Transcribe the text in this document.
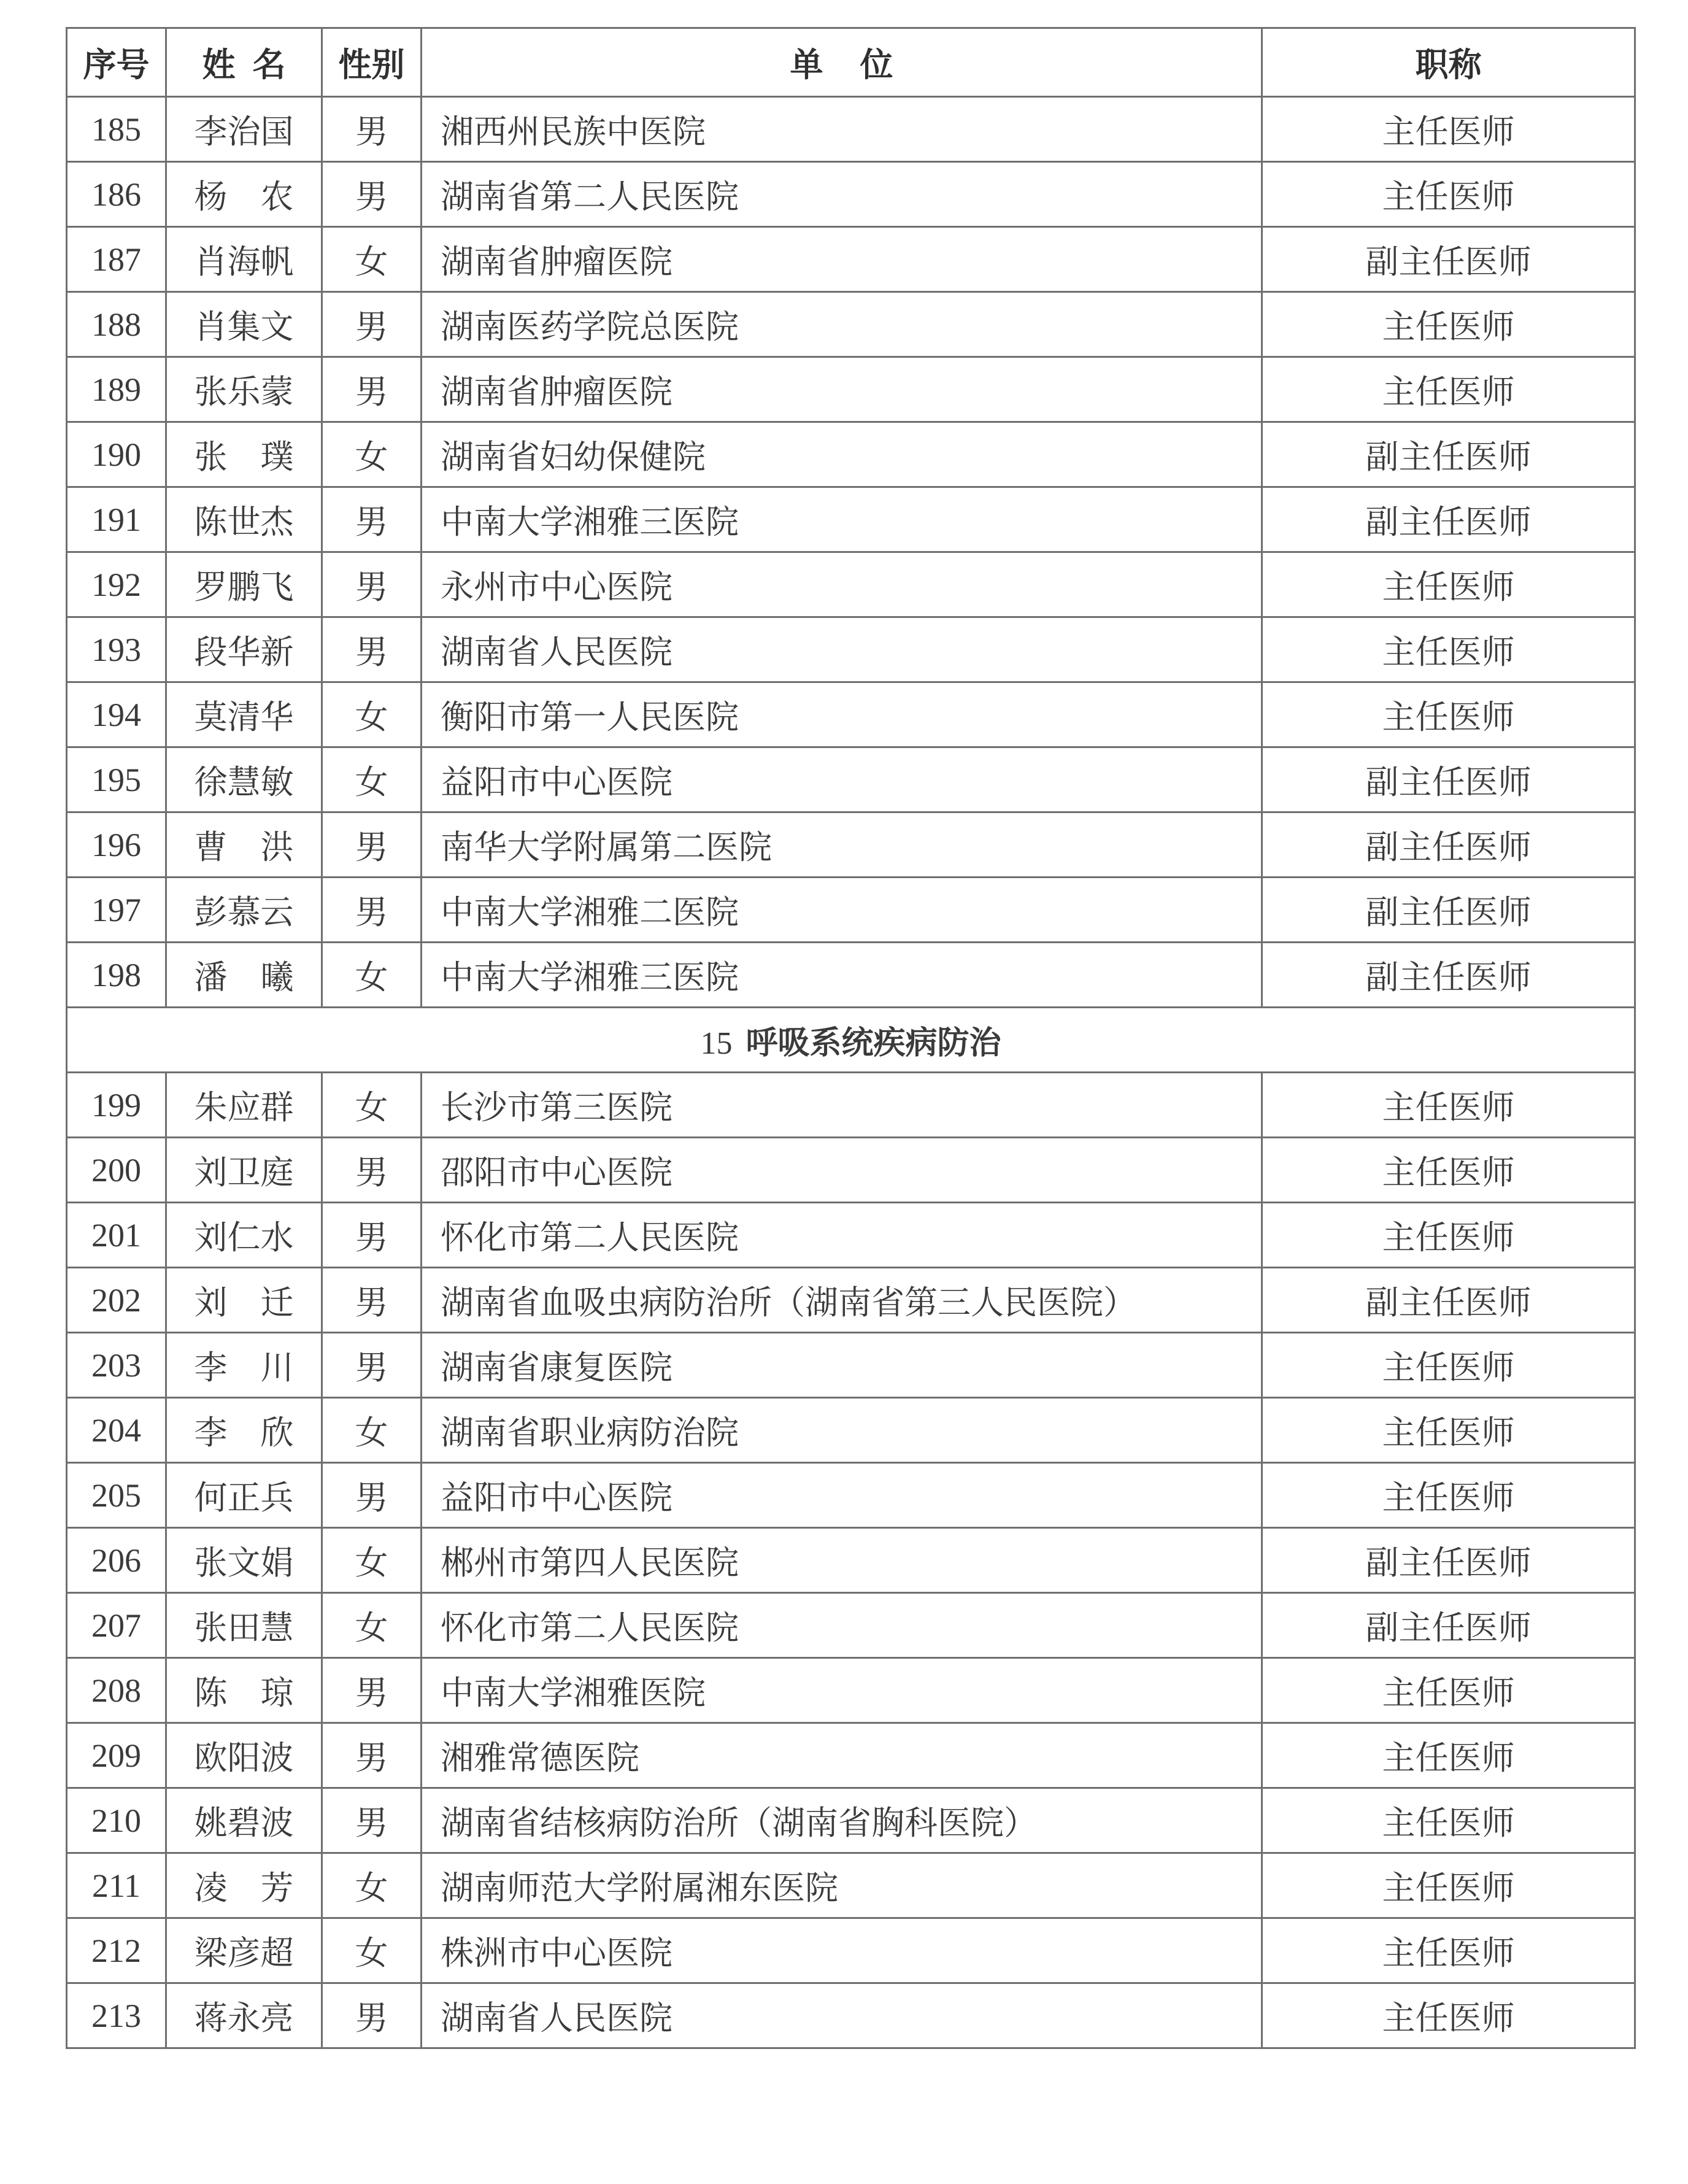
序号	姓名	性别	单位	职称
185	李治国	男	湘西州民族中医院	主任医师
186	杨　农	男	湖南省第二人民医院	主任医师
187	肖海帆	女	湖南省肿瘤医院	副主任医师
188	肖集文	男	湖南医药学院总医院	主任医师
189	张乐蒙	男	湖南省肿瘤医院	主任医师
190	张　璞	女	湖南省妇幼保健院	副主任医师
191	陈世杰	男	中南大学湘雅三医院	副主任医师
192	罗鹏飞	男	永州市中心医院	主任医师
193	段华新	男	湖南省人民医院	主任医师
194	莫清华	女	衡阳市第一人民医院	主任医师
195	徐慧敏	女	益阳市中心医院	副主任医师
196	曹　洪	男	南华大学附属第二医院	副主任医师
197	彭慕云	男	中南大学湘雅二医院	副主任医师
198	潘　曦	女	中南大学湘雅三医院	副主任医师
15 呼吸系统疾病防治				
199	朱应群	女	长沙市第三医院	主任医师
200	刘卫庭	男	邵阳市中心医院	主任医师
201	刘仁水	男	怀化市第二人民医院	主任医师
202	刘　迁	男	湖南省血吸虫病防治所（湖南省第三人民医院）	副主任医师
203	李　川	男	湖南省康复医院	主任医师
204	李　欣	女	湖南省职业病防治院	主任医师
205	何正兵	男	益阳市中心医院	主任医师
206	张文娟	女	郴州市第四人民医院	副主任医师
207	张田慧	女	怀化市第二人民医院	副主任医师
208	陈　琼	男	中南大学湘雅医院	主任医师
209	欧阳波	男	湘雅常德医院	主任医师
210	姚碧波	男	湖南省结核病防治所（湖南省胸科医院）	主任医师
211	凌　芳	女	湖南师范大学附属湘东医院	主任医师
212	梁彦超	女	株洲市中心医院	主任医师
213	蒋永亮	男	湖南省人民医院	主任医师
